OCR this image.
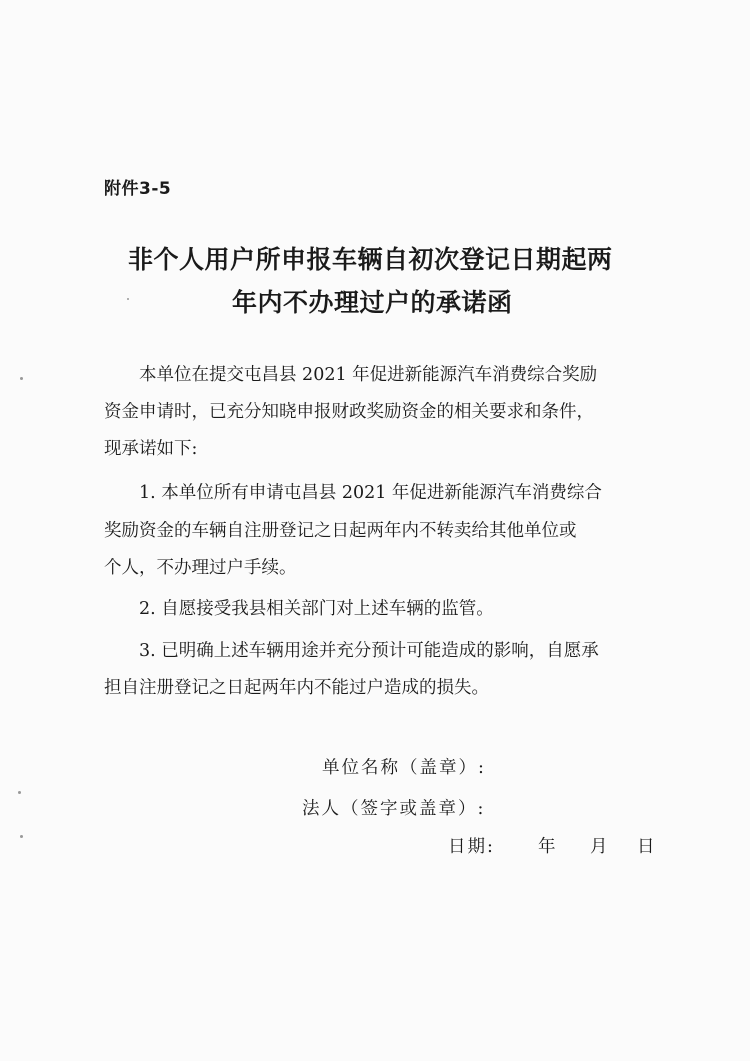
附件3-5
非个人用户所申报车辆自初次登记日期起两
年内不办理过户的承诺函
　　本单位在提交屯昌县 2021 年促进新能源汽车消费综合奖励
资金申请时，已充分知晓申报财政奖励资金的相关要求和条件，
现承诺如下:
　　1. 本单位所有申请屯昌县 2021 年促进新能源汽车消费综合
奖励资金的车辆自注册登记之日起两年内不转卖给其他单位或
个人，不办理过户手续。
　　2. 自愿接受我县相关部门对上述车辆的监管。
　　3. 已明确上述车辆用途并充分预计可能造成的影响，自愿承
担自注册登记之日起两年内不能过户造成的损失。
单位名称（盖章）:
法人（签字或盖章）:
日期: 年 月 日
